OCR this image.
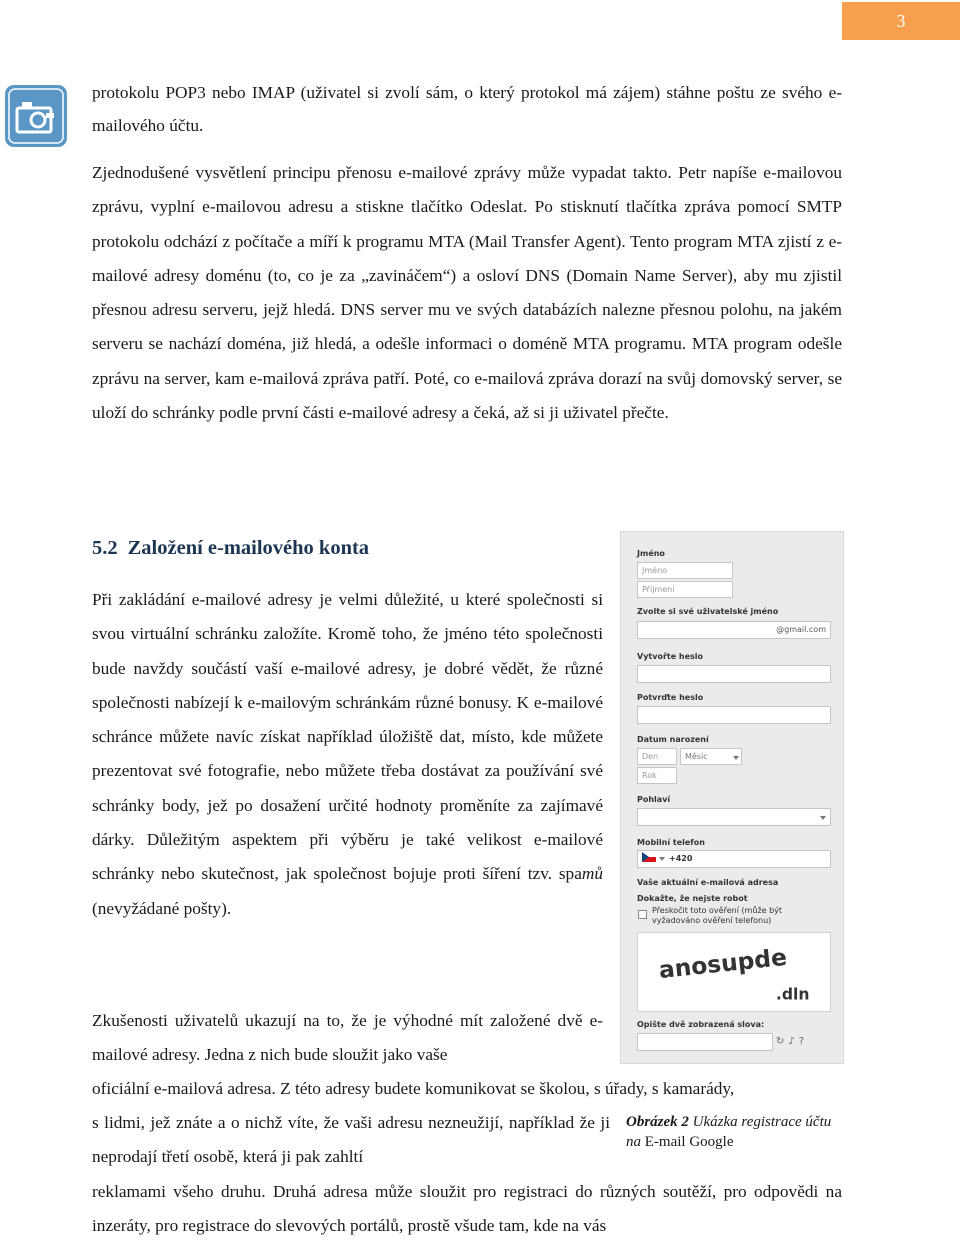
3

protokolu POP3 nebo IMAP (uživatel si zvolí sám, o který protokol má zájem) stáhne poštu ze svého e-mailového účtu.

Zjednodušené vysvětlení principu přenosu e-mailové zprávy může vypadat takto. Petr napíše e-mailovou zprávu, vyplní e-mailovou adresu a stiskne tlačítko Odeslat. Po stisknutí tlačítka zpráva pomocí SMTP protokolu odchází z počítače a míří k programu MTA (Mail Transfer Agent). Tento program MTA zjistí z e-mailové adresy doménu (to, co je za „zavináčem“) a osloví DNS (Domain Name Server), aby mu zjistil přesnou adresu serveru, jejž hledá. DNS server mu ve svých databázích nalezne přesnou polohu, na jakém serveru se nachází doména, již hledá, a odešle informaci o doméně MTA programu. MTA program odešle zprávu na server, kam e-mailová zpráva patří. Poté, co e-mailová zpráva dorazí na svůj domovský server, se uloží do schránky podle první části e-mailové adresy a čeká, až si ji uživatel přečte.

5.2 Založení e-mailového konta

Při zakládání e-mailové adresy je velmi důležité, u které společnosti si svou virtuální schránku založíte. Kromě toho, že jméno této společnosti bude navždy součástí vaší e-mailové adresy, je dobré vědět, že různé společnosti nabízejí k e-mailovým schránkám různé bonusy. K e-mailové schránce můžete navíc získat například úložiště dat, místo, kde můžete prezentovat své fotografie, nebo můžete třeba dostávat za používání své schránky body, jež po dosažení určité hodnoty proměníte za zajímavé dárky. Důležitým aspektem při výběru je také velikost e-mailové schránky nebo skutečnost, jak společnost bojuje proti šíření tzv. spamů (nevyžádané pošty).

Zkušenosti uživatelů ukazují na to, že je výhodné mít založené dvě e-mailové adresy. Jedna z nich bude sloužit jako vaše

oficiální e-mailová adresa. Z této adresy budete komunikovat se školou, s úřady, s kamarády,

s lidmi, jež znáte a o nichž víte, že vaši adresu nezneužijí, například že ji neprodají třetí osobě, která ji pak zahltí

reklamami všeho druhu. Druhá adresa může sloužit pro registraci do různých soutěží, pro odpovědi na inzeráty, pro registrace do slevových portálů, prostě všude tam, kde na vás

Obrázek 2 Ukázka registrace účtu na E-mail Google

Jméno
Jméno
Příjmení
Zvolte si své uživatelské jméno
@gmail.com
Vytvořte heslo
Potvrďte heslo
Datum narození
Den	Měsíc
Rok
Pohlaví
Mobilní telefon
+420
Vaše aktuální e-mailová adresa
Dokažte, že nejste robot
Přeskočit toto ověření (může být vyžadováno ověření telefonu)
anosupde
.dln
Opište dvě zobrazená slova:
↻♪?
